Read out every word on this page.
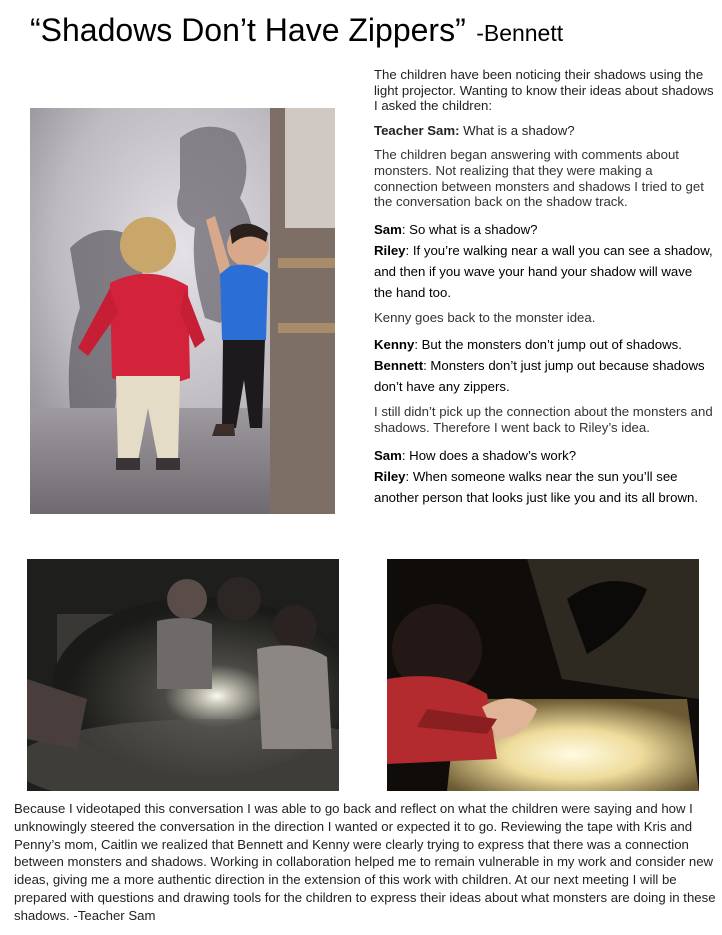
“Shadows Don’t Have Zippers” -Bennett

The children have been noticing their shadows using the light projector. Wanting to know their ideas about shadows I asked the children:

Teacher Sam: What is a shadow?

The children began answering with comments about monsters. Not realizing that they were making a connection between monsters and shadows I tried to get the conversation back on the shadow track.

Sam: So what is a shadow?
Riley: If you’re walking near a wall you can see a shadow, and then if you wave your hand your shadow will wave the hand too.

Kenny goes back to the monster idea.

Kenny: But the monsters don’t jump out of shadows.
Bennett: Monsters don’t just jump out because shadows don’t have any zippers.

I still didn’t pick up the connection about the monsters and shadows. Therefore I went back to Riley’s idea.

Sam: How does a shadow’s work?
Riley: When someone walks near the sun you’ll see another person that looks just like you and its all brown.
Because I videotaped this conversation I was able to go back and reflect on what the children were saying and how I unknowingly steered the conversation in the direction I wanted or expected it to go. Reviewing the tape with Kris and Penny’s mom, Caitlin we realized that Bennett and Kenny were clearly trying to express that there was a connection between monsters and shadows. Working in collaboration helped me to remain vulnerable in my work and consider new ideas, giving me a more authentic direction in the extension of this work with children. At our next meeting I will be prepared with questions and drawing tools for the children to express their ideas about what monsters are doing in these shadows. -Teacher Sam
